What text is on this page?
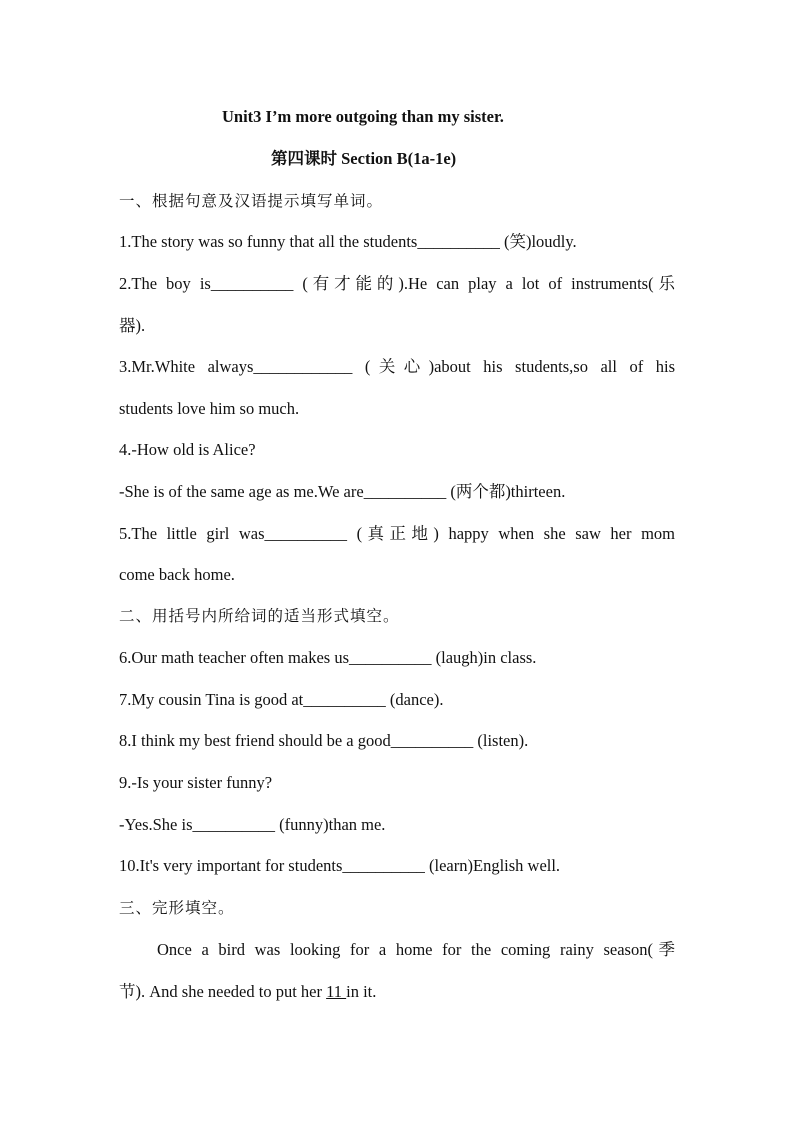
Unit3 I’m more outgoing than my sister.
第四课时 Section B(1a-1e)
一、根据句意及汉语提示填写单词。
1.The story was so funny that all the students__________ (笑)loudly.
2.The boy is__________ (有才能的).He can play a lot of instruments(乐
器).
3.Mr.White always____________ (关心)about his students,so all of his
students love him so much.
4.-How old is Alice?
-She is of the same age as me.We are__________ (两个都)thirteen.
5.The little girl was__________ (真正地) happy when she saw her mom
come back home.
二、用括号内所给词的适当形式填空。
6.Our math teacher often makes us__________ (laugh)in class.
7.My cousin Tina is good at__________ (dance).
8.I think my best friend should be a good__________ (listen).
9.-Is your sister funny?
-Yes.She is__________ (funny)than me.
10.It's very important for students__________ (learn)English well.
三、完形填空。
Once a bird was looking for a home for the coming rainy season(季
节). And she needed to put her 11 in it.
